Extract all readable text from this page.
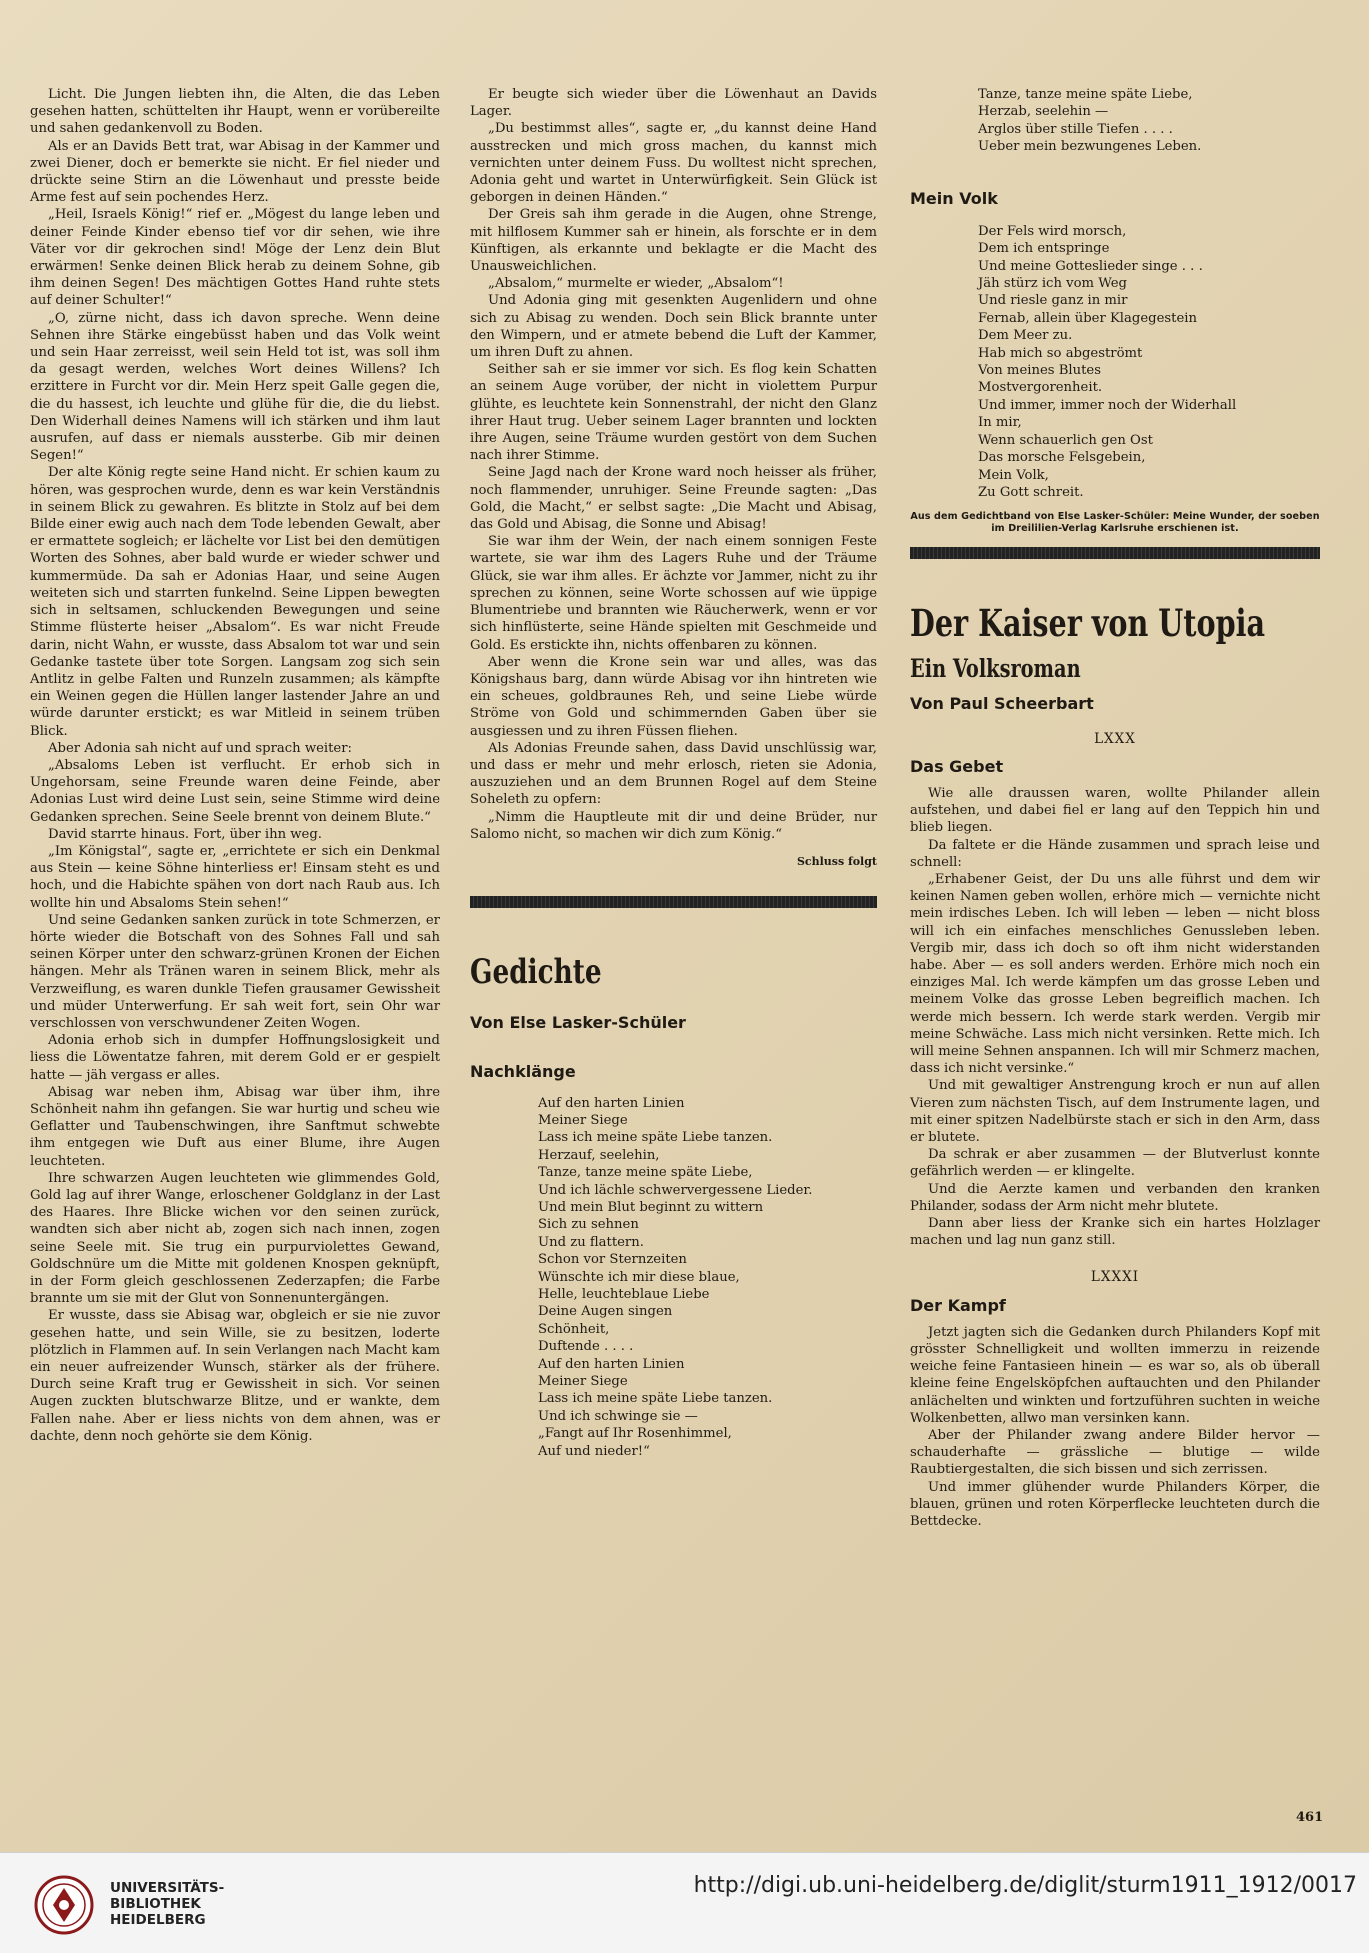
Licht. Die Jungen liebten ihn, die Alten, die das Leben gesehen hatten, schüttelten ihr Haupt, wenn er vorübereilte und sahen gedankenvoll zu Boden.

Als er an Davids Bett trat, war Abisag in der Kammer und zwei Diener, doch er bemerkte sie nicht. Er fiel nieder und drückte seine Stirn an die Löwenhaut und presste beide Arme fest auf sein pochendes Herz.

„Heil, Israels König!“ rief er. „Mögest du lange leben und deiner Feinde Kinder ebenso tief vor dir sehen, wie ihre Väter vor dir gekrochen sind! Möge der Lenz dein Blut erwärmen! Senke deinen Blick herab zu deinem Sohne, gib ihm deinen Segen! Des mächtigen Gottes Hand ruhte stets auf deiner Schulter!“

„O, zürne nicht, dass ich davon spreche. Wenn deine Sehnen ihre Stärke eingebüsst haben und das Volk weint und sein Haar zerreisst, weil sein Held tot ist, was soll ihm da gesagt werden, welches Wort deines Willens? Ich erzittere in Furcht vor dir. Mein Herz speit Galle gegen die, die du hassest, ich leuchte und glühe für die, die du liebst. Den Widerhall deines Namens will ich stärken und ihm laut ausrufen, auf dass er niemals aussterbe. Gib mir deinen Segen!“

Der alte König regte seine Hand nicht. Er schien kaum zu hören, was gesprochen wurde, denn es war kein Verständnis in seinem Blick zu gewahren. Es blitzte in Stolz auf bei dem Bilde einer ewig auch nach dem Tode lebenden Gewalt, aber er ermattete sogleich; er lächelte vor List bei den demütigen Worten des Sohnes, aber bald wurde er wieder schwer und kummermüde. Da sah er Adonias Haar, und seine Augen weiteten sich und starrten funkelnd. Seine Lippen bewegten sich in seltsamen, schluckenden Bewegungen und seine Stimme flüsterte heiser „Absalom“. Es war nicht Freude darin, nicht Wahn, er wusste, dass Absalom tot war und sein Gedanke tastete über tote Sorgen. Langsam zog sich sein Antlitz in gelbe Falten und Runzeln zusammen; als kämpfte ein Weinen gegen die Hüllen langer lastender Jahre an und würde darunter erstickt; es war Mitleid in seinem trüben Blick.

Aber Adonia sah nicht auf und sprach weiter:

„Absaloms Leben ist verflucht. Er erhob sich in Ungehorsam, seine Freunde waren deine Feinde, aber Adonias Lust wird deine Lust sein, seine Stimme wird deine Gedanken sprechen. Seine Seele brennt von deinem Blute.“

David starrte hinaus. Fort, über ihn weg.

„Im Königstal“, sagte er, „errichtete er sich ein Denkmal aus Stein — keine Söhne hinterliess er! Einsam steht es und hoch, und die Habichte spähen von dort nach Raub aus. Ich wollte hin und Absaloms Stein sehen!“

Und seine Gedanken sanken zurück in tote Schmerzen, er hörte wieder die Botschaft von des Sohnes Fall und sah seinen Körper unter den schwarz-grünen Kronen der Eichen hängen. Mehr als Tränen waren in seinem Blick, mehr als Verzweiflung, es waren dunkle Tiefen grausamer Gewissheit und müder Unterwerfung. Er sah weit fort, sein Ohr war verschlossen von verschwundener Zeiten Wogen.

Adonia erhob sich in dumpfer Hoffnungslosigkeit und liess die Löwentatze fahren, mit derem Gold er er gespielt hatte — jäh vergass er alles.

Abisag war neben ihm, Abisag war über ihm, ihre Schönheit nahm ihn gefangen. Sie war hurtig und scheu wie Geflatter und Taubenschwingen, ihre Sanftmut schwebte ihm entgegen wie Duft aus einer Blume, ihre Augen leuchteten.

Ihre schwarzen Augen leuchteten wie glimmendes Gold, Gold lag auf ihrer Wange, erloschener Goldglanz in der Last des Haares. Ihre Blicke wichen vor den seinen zurück, wandten sich aber nicht ab, zogen sich nach innen, zogen seine Seele mit. Sie trug ein purpurviolettes Gewand, Goldschnüre um die Mitte mit goldenen Knospen geknüpft, in der Form gleich geschlossenen Zederzapfen; die Farbe brannte um sie mit der Glut von Sonnenuntergängen.

Er wusste, dass sie Abisag war, obgleich er sie nie zuvor gesehen hatte, und sein Wille, sie zu besitzen, loderte plötzlich in Flammen auf. In sein Verlangen nach Macht kam ein neuer aufreizender Wunsch, stärker als der frühere. Durch seine Kraft trug er Gewissheit in sich. Vor seinen Augen zuckten blutschwarze Blitze, und er wankte, dem Fallen nahe. Aber er liess nichts von dem ahnen, was er dachte, denn noch gehörte sie dem König.

Er beugte sich wieder über die Löwenhaut an Davids Lager.

„Du bestimmst alles“, sagte er, „du kannst deine Hand ausstrecken und mich gross machen, du kannst mich vernichten unter deinem Fuss. Du wolltest nicht sprechen, Adonia geht und wartet in Unterwürfigkeit. Sein Glück ist geborgen in deinen Händen.“

Der Greis sah ihm gerade in die Augen, ohne Strenge, mit hilflosem Kummer sah er hinein, als forschte er in dem Künftigen, als erkannte und beklagte er die Macht des Unausweichlichen.

„Absalom,“ murmelte er wieder, „Absalom“!

Und Adonia ging mit gesenkten Augenlidern und ohne sich zu Abisag zu wenden. Doch sein Blick brannte unter den Wimpern, und er atmete bebend die Luft der Kammer, um ihren Duft zu ahnen.

Seither sah er sie immer vor sich. Es flog kein Schatten an seinem Auge vorüber, der nicht in violettem Purpur glühte, es leuchtete kein Sonnenstrahl, der nicht den Glanz ihrer Haut trug. Ueber seinem Lager brannten und lockten ihre Augen, seine Träume wurden gestört von dem Suchen nach ihrer Stimme.

Seine Jagd nach der Krone ward noch heisser als früher, noch flammender, unruhiger. Seine Freunde sagten: „Das Gold, die Macht,“ er selbst sagte: „Die Macht und Abisag, das Gold und Abisag, die Sonne und Abisag!

Sie war ihm der Wein, der nach einem sonnigen Feste wartete, sie war ihm des Lagers Ruhe und der Träume Glück, sie war ihm alles. Er ächzte vor Jammer, nicht zu ihr sprechen zu können, seine Worte schossen auf wie üppige Blumentriebe und brannten wie Räucherwerk, wenn er vor sich hinflüsterte, seine Hände spielten mit Geschmeide und Gold. Es erstickte ihn, nichts offenbaren zu können.

Aber wenn die Krone sein war und alles, was das Königshaus barg, dann würde Abisag vor ihn hintreten wie ein scheues, goldbraunes Reh, und seine Liebe würde Ströme von Gold und schimmernden Gaben über sie ausgiessen und zu ihren Füssen fliehen.

Als Adonias Freunde sahen, dass David unschlüssig war, und dass er mehr und mehr erlosch, rieten sie Adonia, auszuziehen und an dem Brunnen Rogel auf dem Steine Soheleth zu opfern:

„Nimm die Hauptleute mit dir und deine Brüder, nur Salomo nicht, so machen wir dich zum König.“

Schluss folgt
Gedichte
Von Else Lasker-Schüler
Nachklänge
Auf den harten Linien
Meiner Siege
Lass ich meine späte Liebe tanzen.
Herzauf, seelehin,
Tanze, tanze meine späte Liebe,
Und ich lächle schwervergessene Lieder.
Und mein Blut beginnt zu wittern
Sich zu sehnen
Und zu flattern.
Schon vor Sternzeiten
Wünschte ich mir diese blaue,
Helle, leuchteblaue Liebe
Deine Augen singen
Schönheit,
Duftende . . . .
Auf den harten Linien
Meiner Siege
Lass ich meine späte Liebe tanzen.
Und ich schwinge sie —
„Fangt auf Ihr Rosenhimmel,
Auf und nieder!“
Tanze, tanze meine späte Liebe,
Herzab, seelehin —
Arglos über stille Tiefen . . . .
Ueber mein bezwungenes Leben.
Mein Volk
Der Fels wird morsch,
Dem ich entspringe
Und meine Gotteslieder singe . . .
Jäh stürz ich vom Weg
Und riesle ganz in mir
Fernab, allein über Klagegestein
Dem Meer zu.
Hab mich so abgeströmt
Von meines Blutes
Mostvergorenheit.
Und immer, immer noch der Widerhall
In mir,
Wenn schauerlich gen Ost
Das morsche Felsgebein,
Mein Volk,
Zu Gott schreit.
Aus dem Gedichtband von Else Lasker-Schüler: Meine Wunder, der soeben im Dreililien-Verlag Karlsruhe erschienen ist.
Der Kaiser von Utopia
Ein Volksroman
Von Paul Scheerbart
LXXX
Das Gebet

Wie alle draussen waren, wollte Philander allein aufstehen, und dabei fiel er lang auf den Teppich hin und blieb liegen.

Da faltete er die Hände zusammen und sprach leise und schnell:

„Erhabener Geist, der Du uns alle führst und dem wir keinen Namen geben wollen, erhöre mich — vernichte nicht mein irdisches Leben. Ich will leben — leben — nicht bloss will ich ein einfaches menschliches Genussleben leben. Vergib mir, dass ich doch so oft ihm nicht widerstanden habe. Aber — es soll anders werden. Erhöre mich noch ein einziges Mal. Ich werde kämpfen um das grosse Leben und meinem Volke das grosse Leben begreiflich machen. Ich werde mich bessern. Ich werde stark werden. Vergib mir meine Schwäche. Lass mich nicht versinken. Rette mich. Ich will meine Sehnen anspannen. Ich will mir Schmerz machen, dass ich nicht versinke.“

Und mit gewaltiger Anstrengung kroch er nun auf allen Vieren zum nächsten Tisch, auf dem Instrumente lagen, und mit einer spitzen Nadelbürste stach er sich in den Arm, dass er blutete.

Da schrak er aber zusammen — der Blutverlust konnte gefährlich werden — er klingelte.

Und die Aerzte kamen und verbanden den kranken Philander, sodass der Arm nicht mehr blutete.

Dann aber liess der Kranke sich ein hartes Holzlager machen und lag nun ganz still.

LXXXI
Der Kampf

Jetzt jagten sich die Gedanken durch Philanders Kopf mit grösster Schnelligkeit und wollten immerzu in reizende weiche feine Fantasieen hinein — es war so, als ob überall kleine feine Engelsköpfchen auftauchten und den Philander anlächelten und winkten und fortzuführen suchten in weiche Wolkenbetten, allwo man versinken kann.

Aber der Philander zwang andere Bilder hervor — schauderhafte — grässliche — blutige — wilde Raubtiergestalten, die sich bissen und sich zerrissen.

Und immer glühender wurde Philanders Körper, die blauen, grünen und roten Körperflecke leuchteten durch die Bettdecke.

461
UNIVERSITÄTS-
BIBLIOTHEK
HEIDELBERG
http://digi.ub.uni-heidelberg.de/diglit/sturm1911_1912/0017
